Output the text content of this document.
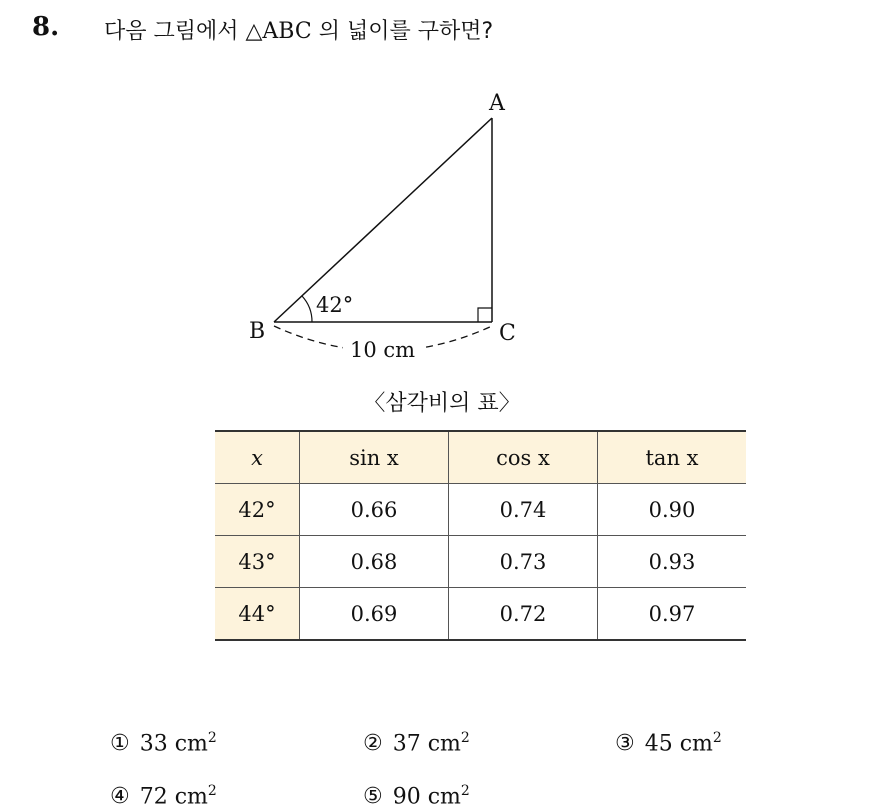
8. 다음 그림에서 △ABC 의 넓이를 구하면?
A
B	C
42°
10 cm
〈삼각비의 표〉
x	sin x	cos x	tan x
42°	0.66	0.74	0.90
43°	0.68	0.73	0.93
44°	0.69	0.72	0.97
① 33 $cm^2$	② 37 $cm^2$	③ 45 $cm^2$
④ 72 $cm^2$	⑤ 90 $cm^2$
